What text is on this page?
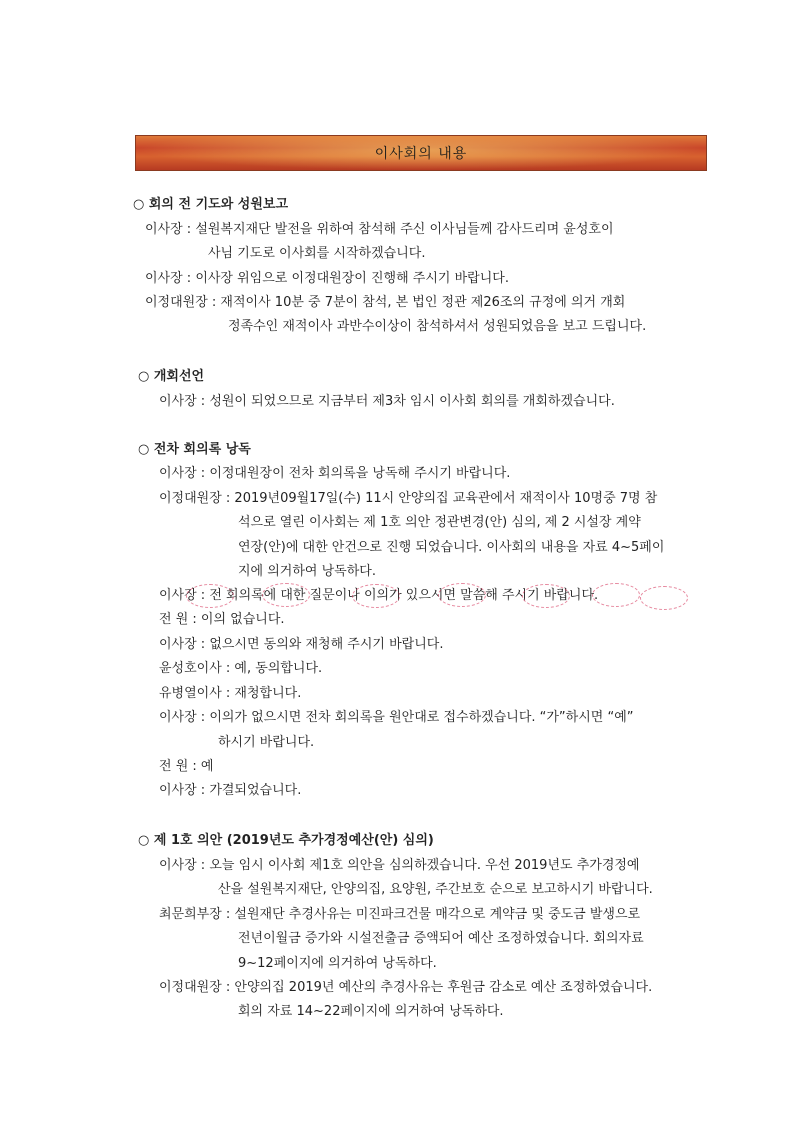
이사회의 내용
○ 회의 전 기도와 성원보고
이사장 : 설원복지재단 발전을 위하여 참석해 주신 이사님들께 감사드리며 윤성호이
사님 기도로 이사회를 시작하겠습니다.
이사장 : 이사장 위임으로 이정대원장이 진행해 주시기 바랍니다.
이정대원장 : 재적이사 10분 중 7분이 참석, 본 법인 정관 제26조의 규정에 의거 개회
정족수인 재적이사 과반수이상이 참석하셔서 성원되었음을 보고 드립니다.
○ 개회선언
이사장 : 성원이 되었으므로 지금부터 제3차 임시 이사회 회의를 개회하겠습니다.
○ 전차 회의록 낭독
이사장 : 이정대원장이 전차 회의록을 낭독해 주시기 바랍니다.
이정대원장 : 2019년09월17일(수) 11시 안양의집 교육관에서 재적이사 10명중 7명 참
석으로 열린 이사회는 제 1호 의안 정관변경(안) 심의, 제 2 시설장 계약
연장(안)에 대한 안건으로 진행 되었습니다. 이사회의 내용을 자료 4~5페이
지에 의거하여 낭독하다.
이사장 : 전 회의록에 대한 질문이나 이의가 있으시면 말씀해 주시기 바랍니다.
전 원 : 이의 없습니다.
이사장 : 없으시면 동의와 재청해 주시기 바랍니다.
윤성호이사 : 예, 동의합니다.
유병열이사 : 재청합니다.
이사장 : 이의가 없으시면 전차 회의록을 원안대로 접수하겠습니다. “가”하시면 “예”
하시기 바랍니다.
전 원 : 예
이사장 : 가결되었습니다.
○ 제 1호 의안 (2019년도 추가경정예산(안) 심의)
이사장 : 오늘 임시 이사회 제1호 의안을 심의하겠습니다. 우선 2019년도 추가경정예
산을 설원복지재단, 안양의집, 요양원, 주간보호 순으로 보고하시기 바랍니다.
최문희부장 : 설원재단 추경사유는 미진파크건물 매각으로 계약금 및 중도금 발생으로
전년이월금 증가와 시설전출금 증액되어 예산 조정하였습니다. 회의자료
9~12페이지에 의거하여 낭독하다.
이정대원장 : 안양의집 2019년 예산의 추경사유는 후원금 감소로 예산 조정하였습니다.
회의 자료 14~22페이지에 의거하여 낭독하다.
